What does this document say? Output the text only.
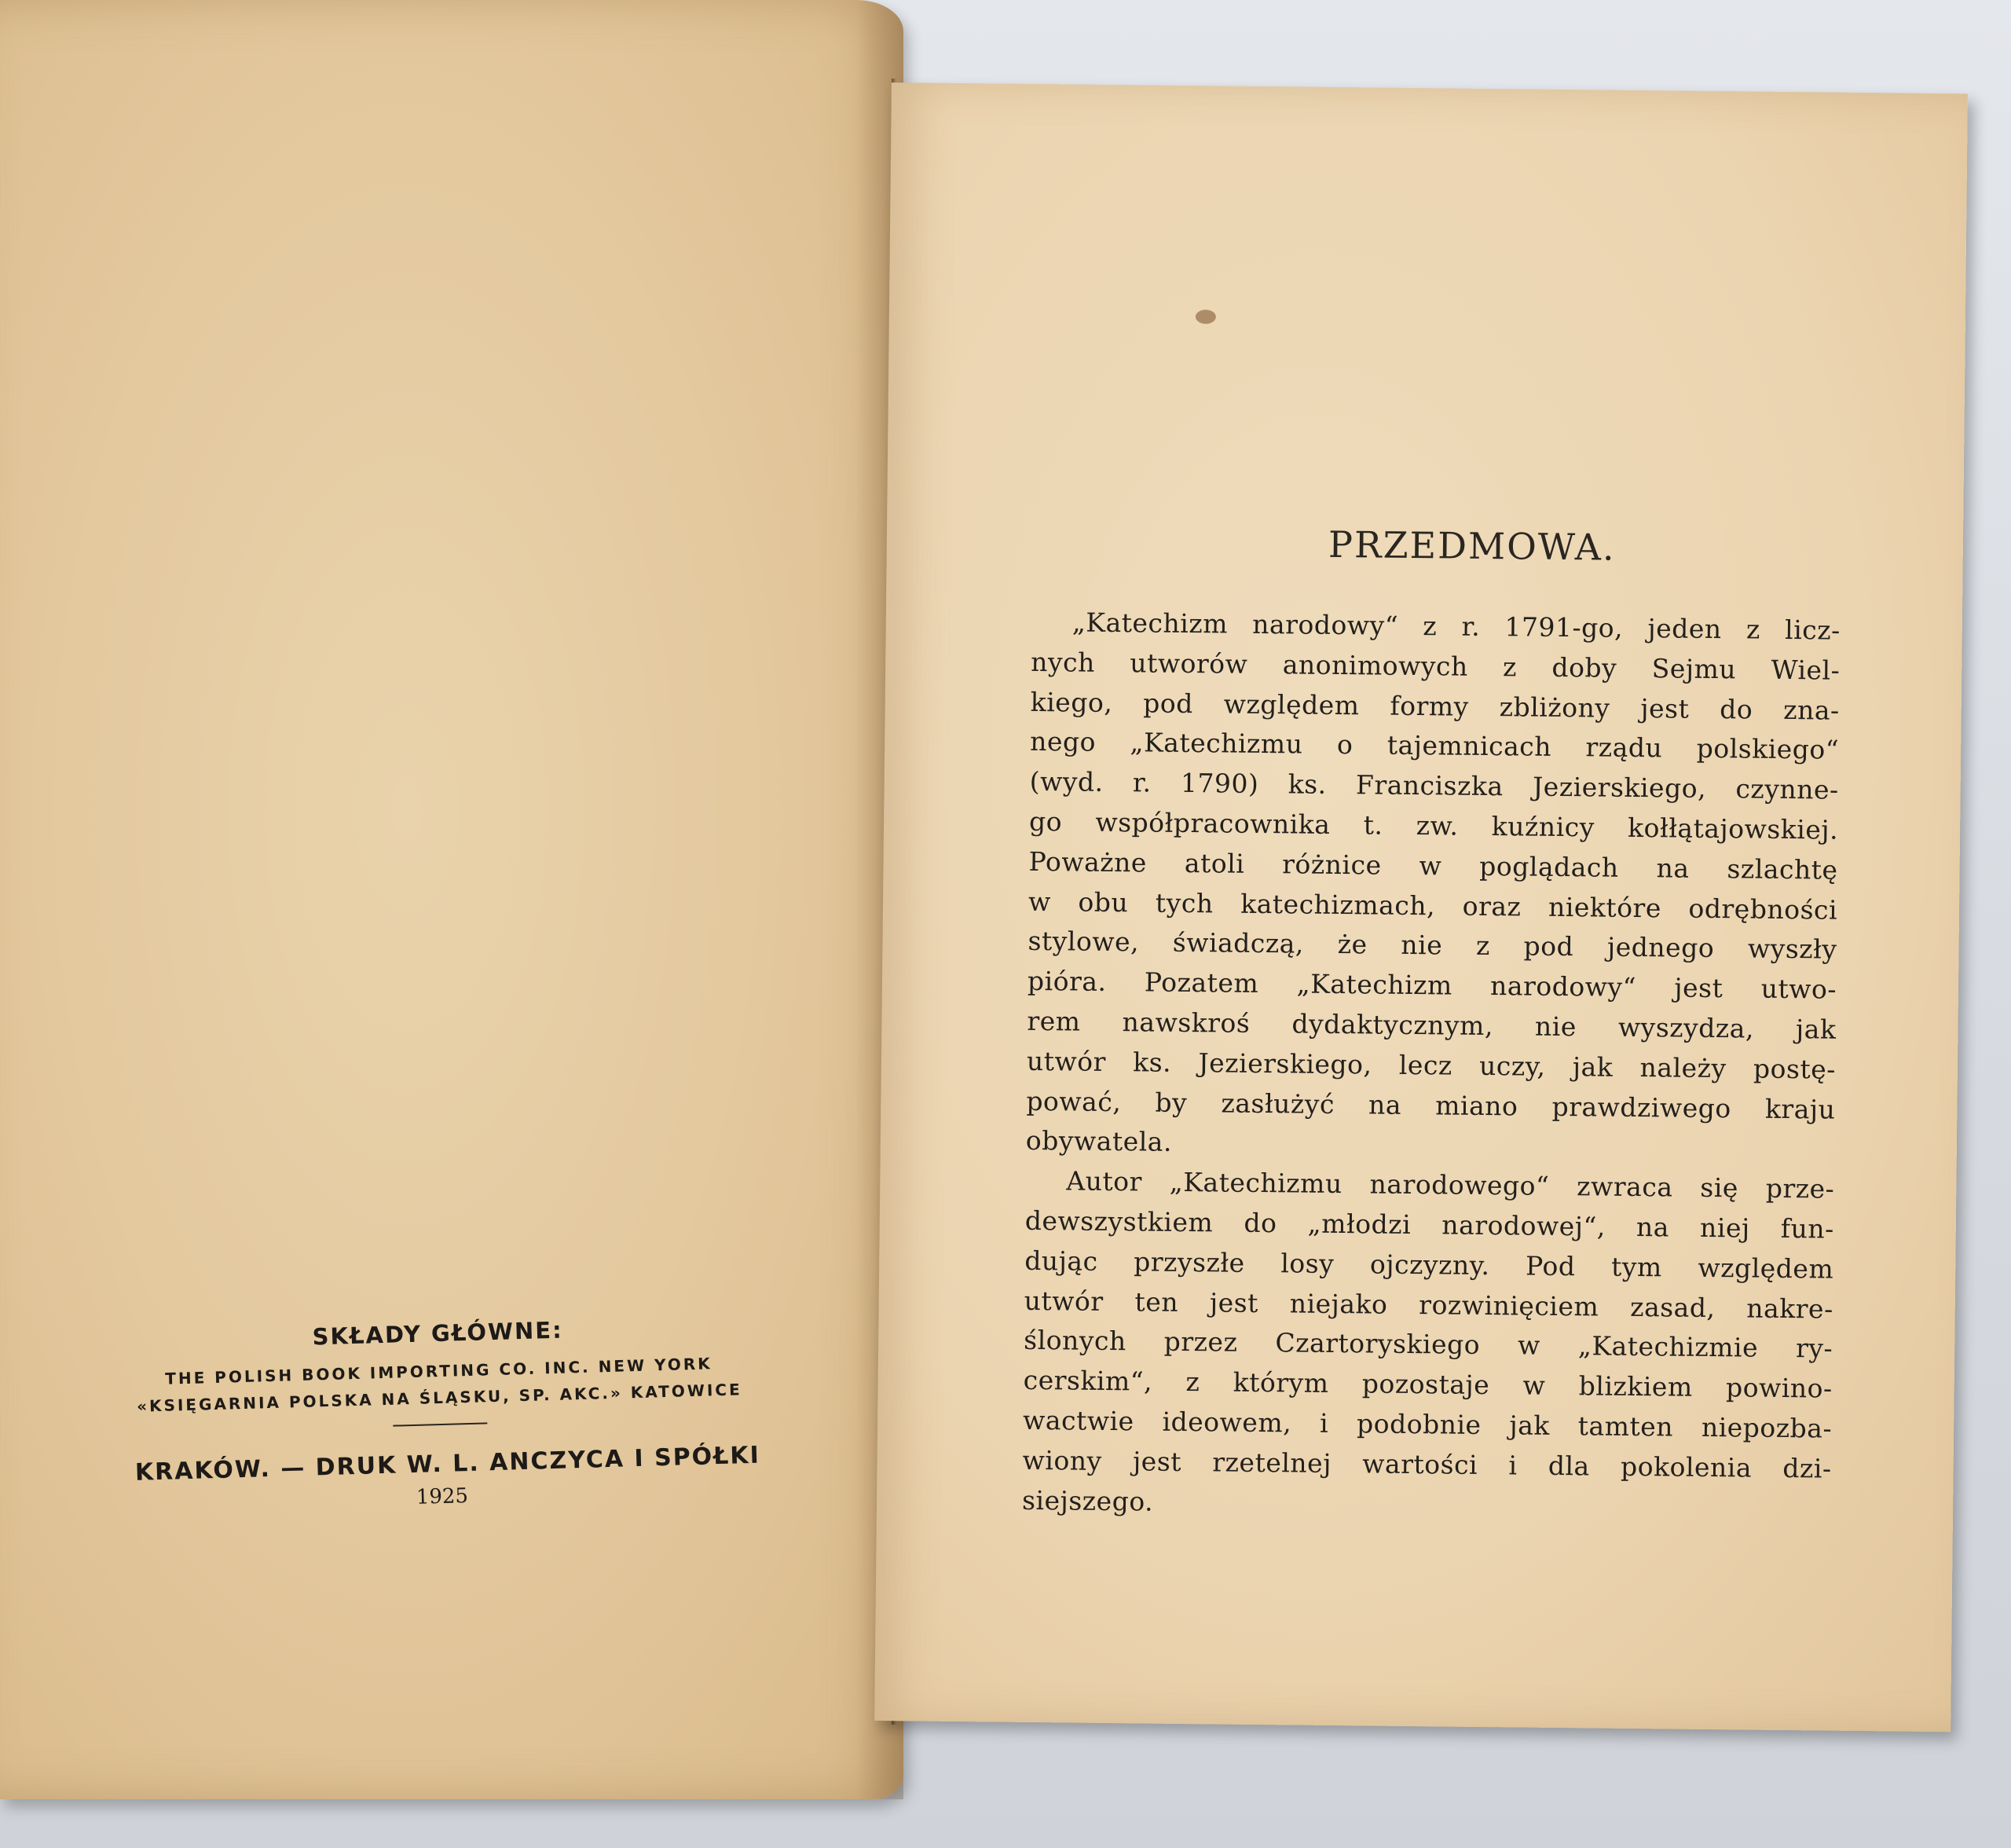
SKŁADY GŁÓWNE:
THE POLISH BOOK IMPORTING CO. INC. NEW YORK
«KSIĘGARNIA POLSKA NA ŚLĄSKU, SP. AKC.» KATOWICE
KRAKÓW. — DRUK W. L. ANCZYCA I SPÓŁKI
1925
PRZEDMOWA.
„Katechizm narodowy“ z r. 1791-go, jeden z licz-
nych utworów anonimowych z doby Sejmu Wiel-
kiego, pod względem formy zbliżony jest do zna-
nego „Katechizmu o tajemnicach rządu polskiego“
(wyd. r. 1790) ks. Franciszka Jezierskiego, czynne-
go współpracownika t. zw. kuźnicy kołłątajowskiej.
Poważne atoli różnice w poglądach na szlachtę
w obu tych katechizmach, oraz niektóre odrębności
stylowe, świadczą, że nie z pod jednego wyszły
pióra. Pozatem „Katechizm narodowy“ jest utwo-
rem nawskroś dydaktycznym, nie wyszydza, jak
utwór ks. Jezierskiego, lecz uczy, jak należy postę-
pować, by zasłużyć na miano prawdziwego kraju
obywatela.
Autor „Katechizmu narodowego“ zwraca się prze-
dewszystkiem do „młodzi narodowej“, na niej fun-
dując przyszłe losy ojczyzny. Pod tym względem
utwór ten jest niejako rozwinięciem zasad, nakre-
ślonych przez Czartoryskiego w „Katechizmie ry-
cerskim“, z którym pozostaje w blizkiem powino-
wactwie ideowem, i podobnie jak tamten niepozba-
wiony jest rzetelnej wartości i dla pokolenia dzi-
siejszego.
